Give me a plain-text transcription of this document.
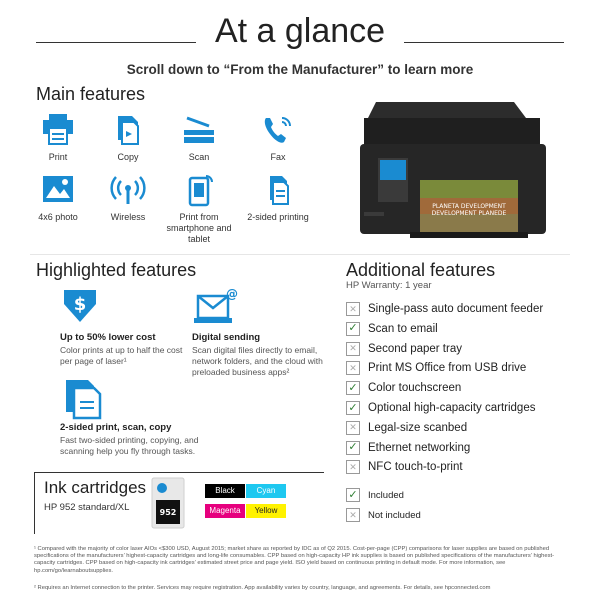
At a glance
Scroll down to “From the Manufacturer” to learn more
Main features
Print	Copy	Scan	Fax
4x6 photo	Wireless	Print from smartphone and tablet
2-sided printing
PLANETA DEVELOPMENT
DEVELOPMENT PLANEDE
Highlighted features
$
Up to 50% lower cost
Color prints at up to half the cost per page of laser¹
@
Digital sending
Scan digital files directly to email, network folders, and the cloud with preloaded business apps²
2-sided print, scan, copy
Fast two-sided printing, copying, and scanning help you fly through tasks.
Additional features
HP Warranty: 1 year
✕ Single-pass auto document feeder
✓ Scan to email
✕ Second paper tray
✕ Print MS Office from USB drive
✓ Color touchscreen
✓ Optional high-capacity cartridges
✕ Legal-size scanbed
✓ Ethernet networking
✕ NFC touch-to-print
✓ Included
✕	Not included
Ink cartridges
HP 952 standard/XL	952
Black	Cyan
Magenta	Yellow
¹ Compared with the majority of color laser AIOs <$300 USD, August 2015; market share as reported by IDC as of Q2 2015. Cost-per-page (CPP) comparisons for laser supplies are based on published specifications of the manufacturers’ highest-capacity cartridges and long-life consumables. CPP based on high-capacity HP ink supplies is based on published specifications of the manufacturers’ highest-capacity cartridges. CPP based on high-capacity ink cartridges’ estimated street price and page yield. ISO yield based on continuous printing in default mode. For more information, see hp.com/go/learnaboutsupplies.
² Requires an Internet connection to the printer. Services may require registration. App availability varies by country, language, and agreements. For details, see hpconnected.com
